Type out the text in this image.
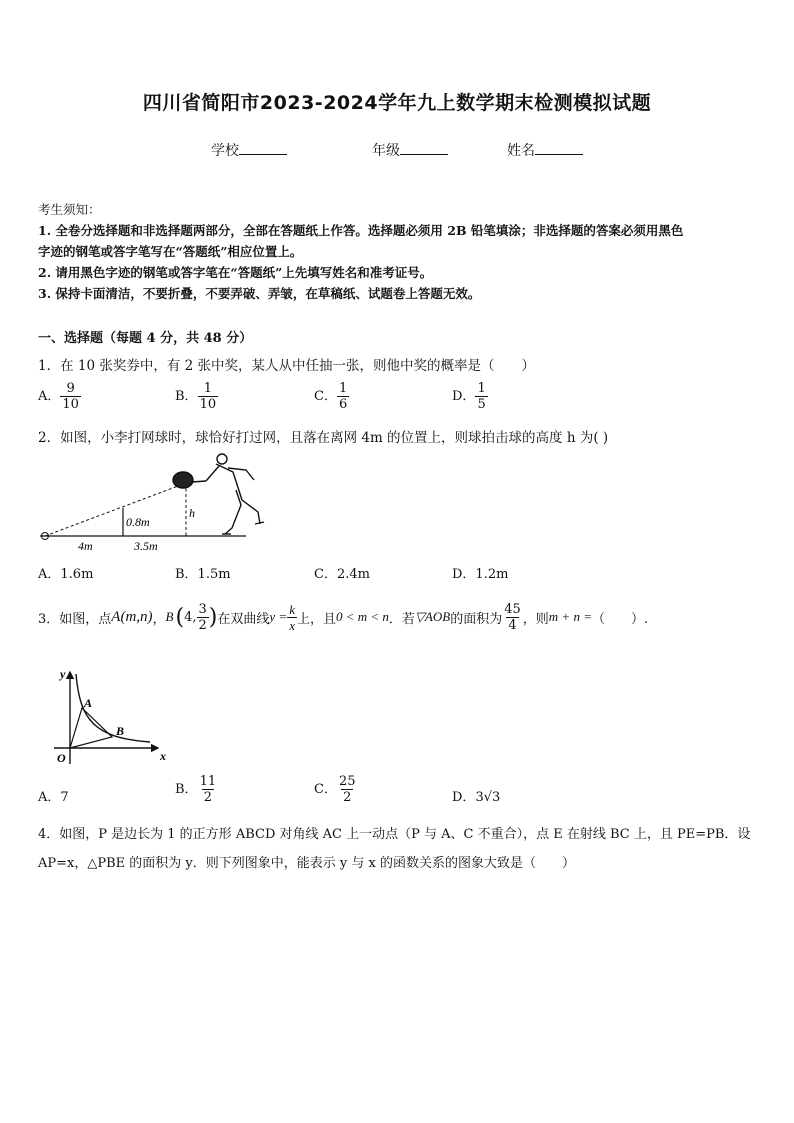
四川省简阳市2023-2024学年九上数学期末检测模拟试题
学校	年级	姓名
考生须知：
1. 全卷分选择题和非选择题两部分，全部在答题纸上作答。选择题必须用 2B 铅笔填涂；非选择题的答案必须用黑色
字迹的钢笔或答字笔写在“答题纸”相应位置上。
2. 请用黑色字迹的钢笔或答字笔在“答题纸”上先填写姓名和准考证号。
3. 保持卡面清洁，不要折叠，不要弄破、弄皱，在草稿纸、试题卷上答题无效。
一、选择题（每题 4 分，共 48 分）
1．在 10 张奖券中，有 2 张中奖，某人从中任抽一张，则他中奖的概率是（　　）
A． $\frac{9}{10}$	B． $\frac{1}{10}$	C． $\frac{1}{6}$	D． $\frac{1}{5}$
2．如图，小李打网球时，球恰好打过网，且落在离网 4m 的位置上，则球拍击球的高度 h 为( )
0.8m
h
4m	3.5m
A．1.6m	B．1.5m	C．2.4m	D．1.2m
3．如图，点 A(m,n) ， B ( 4, $\frac{3}{2}$ ) 在双曲线 $y = \frac{k}{x}$ 上，且 0 < m < n ．若 ▽AOB 的面积为 $\frac{45}{4}$ ，则 m + n = （　　）.
x
y
O
A
B
A．7
B． $\frac{11}{2}$	C． $\frac{25}{2}$	D．3√3
4．如图，P 是边长为 1 的正方形 ABCD 对角线 AC 上一动点（P 与 A、C 不重合），点 E 在射线 BC 上，且 PE=PB．设
AP=x，△PBE 的面积为 y．则下列图象中，能表示 y 与 x 的函数关系的图象大致是（　　）
